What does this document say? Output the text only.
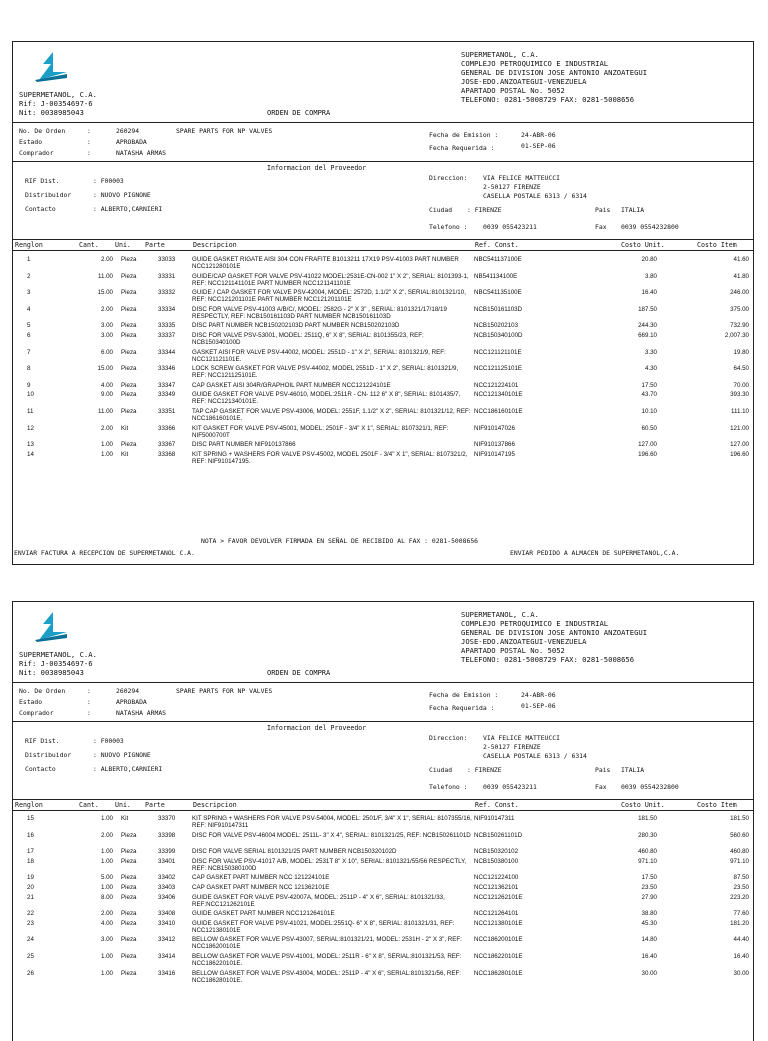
SUPERMETANOL, C.A.
Rif: J-00354697-6
Nit: 0038985043
SUPERMETANOL, C.A.
COMPLEJO PETROQUIMICO E INDUSTRIAL
GENERAL DE DIVISION JOSE ANTONIO ANZOATEGUI
JOSE-EDO.ANZOATEGUI-VENEZUELA
APARTADO POSTAL No. 5052
TELEFONO: 0281-5008729 FAX: 0281-5008656
ORDEN DE COMPRA
No. De Orden	:	260294	SPARE PARTS FOR NP VALVES
Estado	:	APROBADA
Comprador	:	NATASHA ARMAS
Fecha de Emision :	24-ABR-06
Fecha Requerida :	01-SEP-06
Informacion del Proveedor
RIF Dist.	: F00003
Distribuidor	: NUOVO PIGNONE
Contacto	: ALBERTO,CARNIERI
Direccion: VIA FELICE MATTEUCCI
2-50127 FIRENZE
CASELLA POSTALE 6313 / 6314
Ciudad : FIRENZE	Pais ITALIA
Telefono : 0039 055423211	Fax 0039 0554232800
Renglon	Cant. Uni. Parte	Descripcion	Ref. Const.	Costo Unit.	Costo Item
1	2.00 Pieza	33033	GUIDE GASKET RIGATE AISI 304 CON FRAFITE B1013211 17X19 PSV-41003 PART NUMBER NCC121280101E
NBC541137100E	20.80	41.60
2	11.00 Pieza	33331	GUIDE/CAP GASKET FOR VALVE PSV-41022 MODEL:2531E-CN-002 1" X 2", SERIAL: 8101393-1, REF: NCC121141101E PART NUMBER NCC121141101E
NB541134100E	3.80	41.80
3	15.00 Pieza	33332	GUIDE / CAP GASKET FOR VALVE PSV-42004, MODEL: 2572D, 1.1/2" X 2", SERIAL:8101321/10, REF: NCC121201101E PART NUMBER NCC121201101E
NBC541135100E	16.40	246.00
4	2.00 Pieza	33334	DISC FOR VALVE PSV-41003 A/B/C/, MODEL: 2582G - 2" X 3" , SERIAL: 8101321/17/18/19 RESPECTLY, REF: NCB150161103D PART NUMBER NCB150161103D
NCB150161103D	187.50	375.00
5	3.00 Pieza	33335	DISC PART NUMBER NCB150202103D PART NUMBER NCB150202103D	NCB150202103	244.30	732.90
6	3.00 Pieza	33337	DISC FOR VALVE PSV-53001, MODEL: 2511Q, 6" X 8", SERIAL: 8101355/23, REF: NCB150340100D
NCB150340100D	669.10	2,007.30
7	6.00 Pieza	33344	GASKET AISI FOR VALVE PSV-44002, MODEL: 2551D - 1" X 2", SERIAL: 8101321/9, REF: NCC121121101E.
NCC121121101E	3.30	19.80
8	15.00 Pieza	33346	LOCK SCREW GASKET FOR VALVE PSV-44002, MODEL 2551D - 1" X 2", SERIAL: 8101321/9, REF: NCC121125101E.
NCC121125101E	4.30	64.50
9	4.00 Pieza	33347	CAP GASKET AISI 304R/GRAPHOIL PART NUMBER NCC121224101E	NCC121224101	17.50	70.00
10	9.00 Pieza	33349	GUIDE GASKET FOR VALVE PSV-46010, MODEL:2511R - CN- 112 6" X 8", SERIAL: 8101435/7, REF: NCC121340101E.
NCC121340101E	43.70	393.30
11	11.00 Pieza	33351	TAP CAP GASKET FOR VALVE PSV-43006, MODEL: 2551F, 1.1/2" X 2", SERIAL: 8101321/12, REF: NCC186160101E.
NCC186160101E	10.10	111.10
12	2.00 Kit	33366	KIT GASKET FOR VALVE PSV-45001, MODEL: 2501F - 3/4" X 1", SERIAL: 8107321/1, REF: NIF5000700T
NIF910147026	60.50	121.00
13	1.00 Pieza	33367	DISC PART NUMBER NIF910137866	NIF910137866	127.00	127.00
14	1.00 Kit	33368	KIT SPRING + WASHERS FOR VALVE PSV-45002, MODEL 2501F - 3/4" X 1", SERIAL: 8107321/2, REF: NIF910147195.
NIF910147195	196.60	196.60
NOTA > FAVOR DEVOLVER FIRMADA EN SEÑAL DE RECIBIDO AL FAX : 0281-5008656
ENVIAR FACTURA A RECEPCION DE SUPERMETANOL C.A.	ENVIAR PEDIDO A ALMACEN DE SUPERMETANOL,C.A.
SUPERMETANOL, C.A.
Rif: J-00354697-6
Nit: 0038985043
SUPERMETANOL, C.A.
COMPLEJO PETROQUIMICO E INDUSTRIAL
GENERAL DE DIVISION JOSE ANTONIO ANZOATEGUI
JOSE-EDO.ANZOATEGUI-VENEZUELA
APARTADO POSTAL No. 5052
TELEFONO: 0281-5008729 FAX: 0281-5008656
ORDEN DE COMPRA
No. De Orden	:	260294	SPARE PARTS FOR NP VALVES
Estado	:	APROBADA
Comprador	:	NATASHA ARMAS
Fecha de Emision :	24-ABR-06
Fecha Requerida :	01-SEP-06
Informacion del Proveedor
RIF Dist.	: F00003
Distribuidor	: NUOVO PIGNONE
Contacto	: ALBERTO,CARNIERI
Direccion: VIA FELICE MATTEUCCI
2-50127 FIRENZE
CASELLA POSTALE 6313 / 6314
Ciudad : FIRENZE	Pais ITALIA
Telefono : 0039 055423211	Fax 0039 0554232800
Renglon	Cant. Uni. Parte	Descripcion	Ref. Const.	Costo Unit.	Costo Item
15	1.00 Kit	33370	KIT SPRING + WASHERS FOR VALVE PSV-54004, MODEL: 2501/F, 3/4" X 1", SERIAL: 8107355/16, REF: NIF910147311
NIF910147311	181.50	181.50
16	2.00 Pieza	33398	DISC FOR VALVE PSV-46004 MODEL: 2511L- 3" X 4", SERIAL: 8101321/25, REF: NCB150261101D NCB150261101D	280.30	560.60
17	1.00 Pieza	33399	DISC FOR VALVE SERIAL 8101321/25 PART NUMBER NCB150320102D	NCB150320102	460.80	460.80
18	1.00 Pieza	33401	DISC FOR VALVE PSV-41017 A/B, MODEL: 2531T 8" X 10", SERIAL: 8101321/55/56 RESPECTLY, REF: NCB150380100D
NCB150380100	971.10	971.10
19	5.00 Pieza	33402	CAP GASKET PART NUMBER NCC 121224101E	NCC121224100	17.50	87.50
20	1.00 Pieza	33403	CAP GASKET PART NUMBER NCC 121362101E	NCC121362101	23.50	23.50
21	8.00 Pieza	33406	GUIDE GASKET FOR VALVE PSV-42007A, MODEL: 2511P - 4" X 6", SERIAL: 8101321/33, REF:NCC121262101E
NCC121262101E	27.90	223.20
22	2.00 Pieza	33408	GUIDE GASKET PART NUMBER NCC121264101E	NCC121264101	38.80	77.60
23	4.00 Pieza	33410	GUIDE GASKET FOR VALVE PSV-41021, MODEL:2551Q- 6" X 8", SERIAL: 8101321/31, REF: NCC121380101E
NCC121380101E	45.30	181.20
24	3.00 Pieza	33412	BELLOW GASKET FOR VALVE PSV-43007, SERIAL:8101321/21, MODEL: 2531H - 2" X 3", REF: NCC186200101E
NCC186200101E	14.80	44.40
25	1.00 Pieza	33414	BELLOW GASKET FOR VALVE PSV-41001, MODEL: 2511R - 6" X 8", SERIAL:8101321/53, REF: NCC186220101E.
NCC186220101E	16.40	16.40
26	1.00 Pieza	33416	BELLOW GASKET FOR VALVE PSV-43004, MODEL: 2511P - 4" X 6", SERIAL:8101321/56, REF: NCC186280101E.
NCC186280101E	30.00	30.00
